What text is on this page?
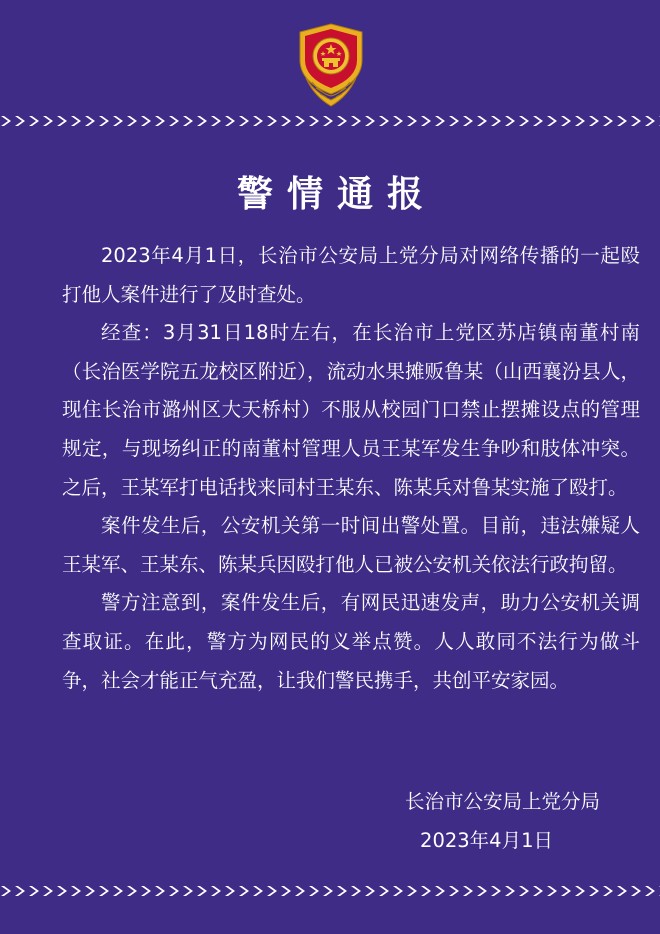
警情通报

2023年4月1日，长治市公安局上党分局对网络传播的一起殴打他人案件进行了及时查处。

经查：3月31日18时左右，在长治市上党区苏店镇南董村南（长治医学院五龙校区附近），流动水果摊贩鲁某（山西襄汾县人，现住长治市潞州区大天桥村）不服从校园门口禁止摆摊设点的管理规定，与现场纠正的南董村管理人员王某军发生争吵和肢体冲突。之后，王某军打电话找来同村王某东、陈某兵对鲁某实施了殴打。

案件发生后，公安机关第一时间出警处置。目前，违法嫌疑人王某军、王某东、陈某兵因殴打他人已被公安机关依法行政拘留。

警方注意到，案件发生后，有网民迅速发声，助力公安机关调查取证。在此，警方为网民的义举点赞。人人敢同不法行为做斗争，社会才能正气充盈，让我们警民携手，共创平安家园。

长治市公安局上党分局
2023年4月1日
